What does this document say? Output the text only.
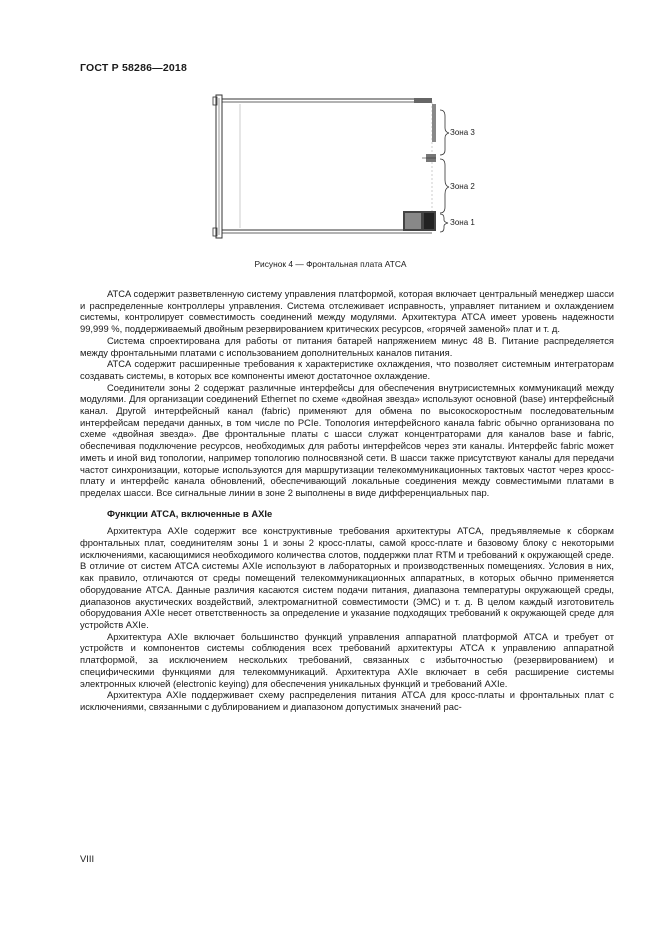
ГОСТ Р 58286—2018
Зона 3
Зона 2
Зона 1
Рисунок 4 — Фронтальная плата ATCA

ATCA содержит разветвленную систему управления платформой, которая включает центральный менеджер шасси и распределенные контроллеры управления. Система отслеживает исправность, управляет питанием и охлаждением системы, контролирует совместимость соединений между модулями. Архитектура ATCA имеет уровень надежности 99,999 %, поддерживаемый двойным резервированием критических ресурсов, «горячей заменой» плат и т. д.

Система спроектирована для работы от питания батарей напряжением минус 48 В. Питание распределяется между фронтальными платами с использованием дополнительных каналов питания.

ATCA содержит расширенные требования к характеристике охлаждения, что позволяет системным интеграторам создавать системы, в которых все компоненты имеют достаточное охлаждение.

Соединители зоны 2 содержат различные интерфейсы для обеспечения внутрисистемных коммуникаций между модулями. Для организации соединений Ethernet по схеме «двойная звезда» используют основной (base) интерфейсный канал. Другой интерфейсный канал (fabric) применяют для обмена по высокоскоростным последовательным интерфейсам передачи данных, в том числе по PCIe. Топология интерфейсного канала fabric обычно организована по схеме «двойная звезда». Две фронтальные платы с шасси служат концентраторами для каналов base и fabric, обеспечивая подключение ресурсов, необходимых для работы интерфейсов через эти каналы. Интерфейс fabric может иметь и иной вид топологии, например топологию полносвязной сети. В шасси также присутствуют каналы для передачи частот синхронизации, которые используются для маршрутизации телекоммуникационных тактовых частот через кросс-плату и интерфейс канала обновлений, обеспечивающий локальные соединения между совместимыми платами в пределах шасси. Все сигнальные линии в зоне 2 выполнены в виде дифференциальных пар.

Функции ATCA, включенные в AXIe

Архитектура AXIe содержит все конструктивные требования архитектуры ATCA, предъявляемые к сборкам фронтальных плат, соединителям зоны 1 и зоны 2 кросс-платы, самой кросс-плате и базовому блоку с некоторыми исключениями, касающимися необходимого количества слотов, поддержки плат RTM и требований к окружающей среде. В отличие от систем ATCA системы AXIe используют в лабораторных и производственных помещениях. Условия в них, как правило, отличаются от среды помещений телекоммуникационных аппаратных, в которых обычно применяется оборудование ATCA. Данные различия касаются систем подачи питания, диапазона температуры окружающей среды, диапазонов акустических воздействий, электромагнитной совместимости (ЭМС) и т. д. В целом каждый изготовитель оборудования AXIe несет ответственность за определение и указание подходящих требований к окружающей среде для устройств AXIe.

Архитектура AXIe включает большинство функций управления аппаратной платформой ATCA и требует от устройств и компонентов системы соблюдения всех требований архитектуры ATCA к управлению аппаратной платформой, за исключением нескольких требований, связанных с избыточностью (резервированием) и специфическими функциями для телекоммуникаций. Архитектура AXIe включает в себя расширение системы электронных ключей (electronic keying) для обеспечения уникальных функций и требований AXIe.

Архитектура AXIe поддерживает схему распределения питания ATCA для кросс-платы и фронтальных плат с исключениями, связанными с дублированием и диапазоном допустимых значений рас-

VIII
